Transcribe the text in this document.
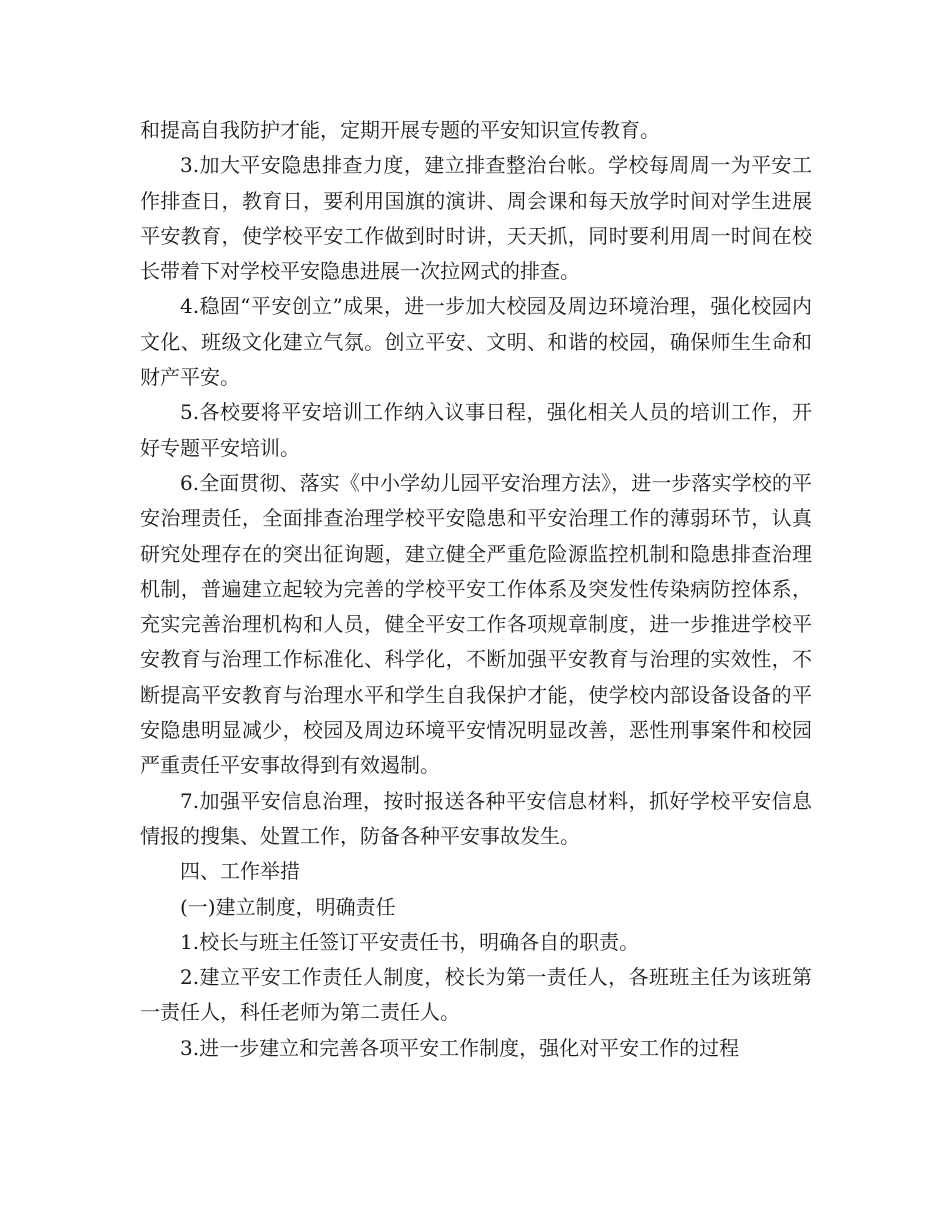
和提高自我防护才能，定期开展专题的平安知识宣传教育。

3.加大平安隐患排查力度，建立排查整治台帐。学校每周周一为平安工作排查日，教育日，要利用国旗的演讲、周会课和每天放学时间对学生进展平安教育，使学校平安工作做到时时讲，天天抓，同时要利用周一时间在校长带着下对学校平安隐患进展一次拉网式的排查。

4.稳固“平安创立”成果，进一步加大校园及周边环境治理，强化校园内文化、班级文化建立气氛。创立平安、文明、和谐的校园，确保师生生命和财产平安。

5.各校要将平安培训工作纳入议事日程，强化相关人员的培训工作，开好专题平安培训。

6.全面贯彻、落实《中小学幼儿园平安治理方法》，进一步落实学校的平安治理责任，全面排查治理学校平安隐患和平安治理工作的薄弱环节，认真研究处理存在的突出征询题，建立健全严重危险源监控机制和隐患排查治理机制，普遍建立起较为完善的学校平安工作体系及突发性传染病防控体系，充实完善治理机构和人员，健全平安工作各项规章制度，进一步推进学校平安教育与治理工作标准化、科学化，不断加强平安教育与治理的实效性，不断提高平安教育与治理水平和学生自我保护才能，使学校内部设备设备的平安隐患明显减少，校园及周边环境平安情况明显改善，恶性刑事案件和校园严重责任平安事故得到有效遏制。

7.加强平安信息治理，按时报送各种平安信息材料，抓好学校平安信息情报的搜集、处置工作，防备各种平安事故发生。

四、工作举措

(一)建立制度，明确责任

1.校长与班主任签订平安责任书，明确各自的职责。

2.建立平安工作责任人制度，校长为第一责任人，各班班主任为该班第一责任人，科任老师为第二责任人。

3.进一步建立和完善各项平安工作制度，强化对平安工作的过程
